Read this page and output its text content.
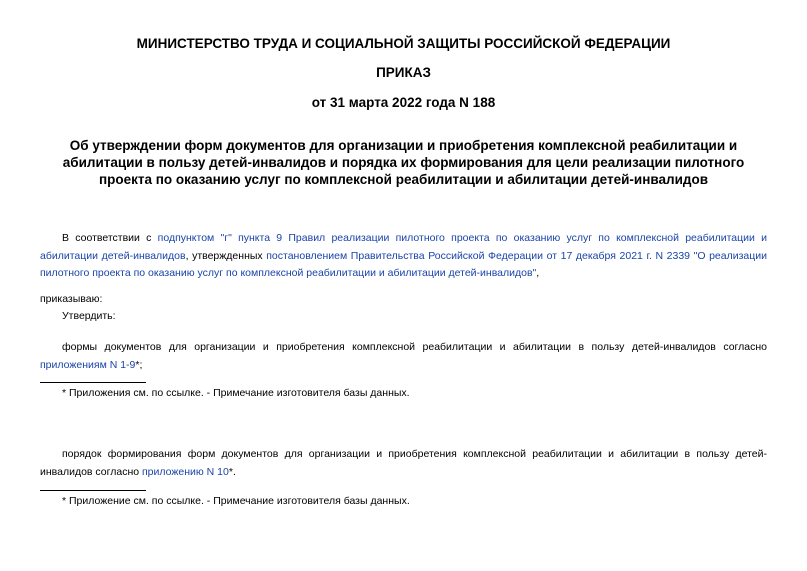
МИНИСТЕРСТВО ТРУДА И СОЦИАЛЬНОЙ ЗАЩИТЫ РОССИЙСКОЙ ФЕДЕРАЦИИ
ПРИКАЗ
от 31 марта 2022 года N 188
Об утверждении форм документов для организации и приобретения комплексной реабилитации и абилитации в пользу детей-инвалидов и порядка их формирования для цели реализации пилотного проекта по оказанию услуг по комплексной реабилитации и абилитации детей-инвалидов
В соответствии с подпунктом "г" пункта 9 Правил реализации пилотного проекта по оказанию услуг по комплексной реабилитации и абилитации детей-инвалидов, утвержденных постановлением Правительства Российской Федерации от 17 декабря 2021 г. N 2339 "О реализации пилотного проекта по оказанию услуг по комплексной реабилитации и абилитации детей-инвалидов",
приказываю:
Утвердить:
формы документов для организации и приобретения комплексной реабилитации и абилитации в пользу детей-инвалидов согласно приложениям N 1-9*;
* Приложения см. по ссылке. - Примечание изготовителя базы данных.
порядок формирования форм документов для организации и приобретения комплексной реабилитации и абилитации в пользу детей-инвалидов согласно приложению N 10*.
* Приложение см. по ссылке. - Примечание изготовителя базы данных.
